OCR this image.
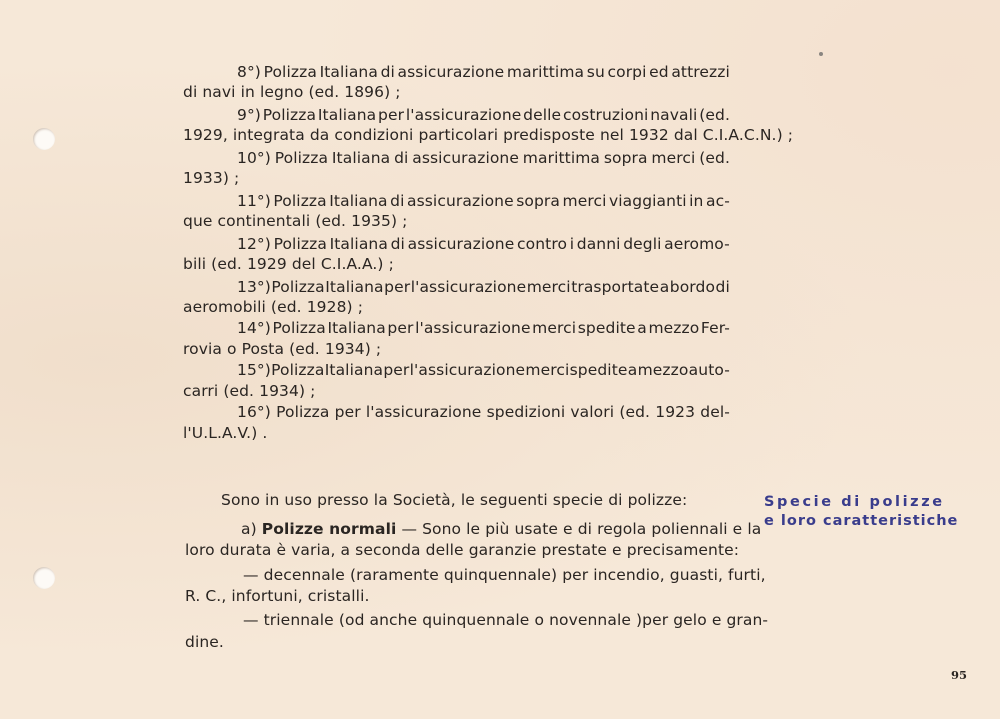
8°) Polizza Italiana di assicurazione marittima su corpi ed attrezzi
di navi in legno (ed. 1896) ;
9°) Polizza Italiana per l'assicurazione delle costruzioni navali (ed.
1929, integrata da condizioni particolari predisposte nel 1932 dal C.I.A.C.N.) ;
10°) Polizza Italiana di assicurazione marittima sopra merci (ed.
1933) ;
11°) Polizza Italiana di assicurazione sopra merci viaggianti in ac-
que continentali (ed. 1935) ;
12°) Polizza Italiana di assicurazione contro i danni degli aeromo-
bili (ed. 1929 del C.I.A.A.) ;
13°) Polizza Italiana per l'assicurazione merci trasportate a bordo di
aeromobili (ed. 1928) ;
14°) Polizza Italiana per l'assicurazione merci spedite a mezzo Fer-
rovia o Posta (ed. 1934) ;
15°) Polizza Italiana per l'assicurazione merci spedite a mezzo auto-
carri (ed. 1934) ;
16°) Polizza per l'assicurazione spedizioni valori (ed. 1923 del-
l'U.L.A.V.) .
Sono in uso presso la Società, le seguenti specie di polizze:
a) Polizze normali — Sono le più usate e di regola poliennali e la
loro durata è varia, a seconda delle garanzie prestate e precisamente:
— decennale (raramente quinquennale) per incendio, guasti, furti,
R. C., infortuni, cristalli.
— triennale (od anche quinquennale o novennale )per gelo e gran-
dine.
Specie di polizze
e loro caratteristiche
95
